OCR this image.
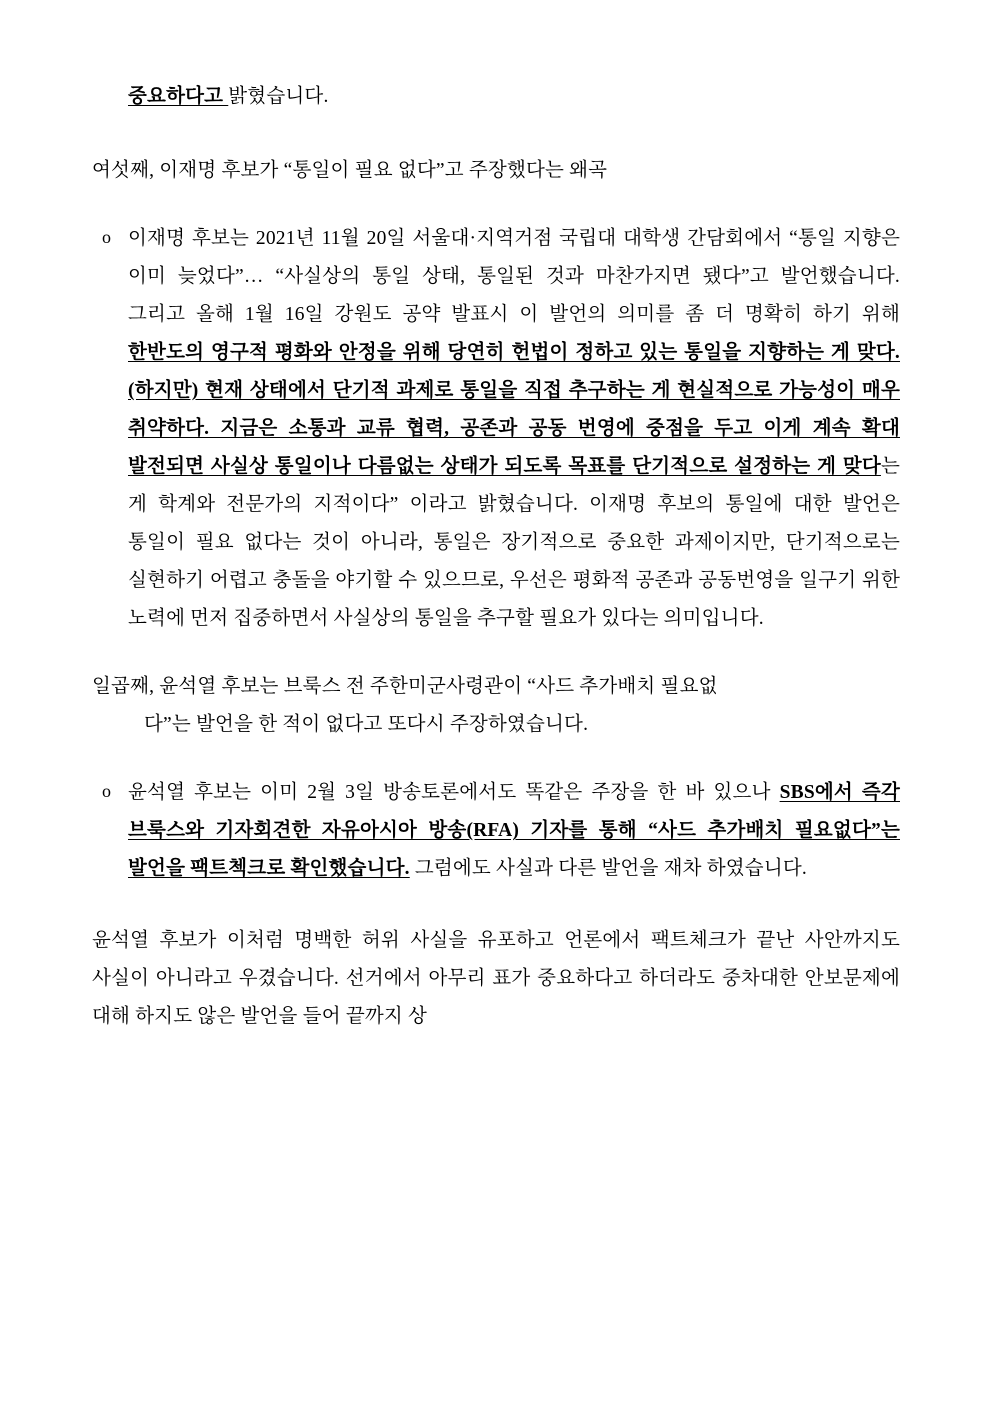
중요하다고 밝혔습니다.

여섯째, 이재명 후보가 “통일이 필요 없다”고 주장했다는 왜곡

o 이재명 후보는 2021년 11월 20일 서울대·지역거점 국립대 대학생 간담회에서 “통일 지향은 이미 늦었다”… “사실상의 통일 상태, 통일된 것과 마찬가지면 됐다”고 발언했습니다. 그리고 올해 1월 16일 강원도 공약 발표시 이 발언의 의미를 좀 더 명확히 하기 위해 한반도의 영구적 평화와 안정을 위해 당연히 헌법이 정하고 있는 통일을 지향하는 게 맞다. (하지만) 현재 상태에서 단기적 과제로 통일을 직접 추구하는 게 현실적으로 가능성이 매우 취약하다. 지금은 소통과 교류 협력, 공존과 공동 번영에 중점을 두고 이게 계속 확대 발전되면 사실상 통일이나 다름없는 상태가 되도록 목표를 단기적으로 설정하는 게 맞다는 게 학계와 전문가의 지적이다” 이라고 밝혔습니다. 이재명 후보의 통일에 대한 발언은 통일이 필요 없다는 것이 아니라, 통일은 장기적으로 중요한 과제이지만, 단기적으로는 실현하기 어렵고 충돌을 야기할 수 있으므로, 우선은 평화적 공존과 공동번영을 일구기 위한 노력에 먼저 집중하면서 사실상의 통일을 추구할 필요가 있다는 의미입니다.

일곱째, 윤석열 후보는 브룩스 전 주한미군사령관이 “사드 추가배치 필요없
다”는 발언을 한 적이 없다고 또다시 주장하였습니다.

o 윤석열 후보는 이미 2월 3일 방송토론에서도 똑같은 주장을 한 바 있으나 SBS에서 즉각 브룩스와 기자회견한 자유아시아 방송(RFA) 기자를 통해 “사드 추가배치 필요없다”는 발언을 팩트첵크로 확인했습니다. 그럼에도 사실과 다른 발언을 재차 하였습니다.

윤석열 후보가 이처럼 명백한 허위 사실을 유포하고 언론에서 팩트체크가 끝난 사안까지도 사실이 아니라고 우겼습니다. 선거에서 아무리 표가 중요하다고 하더라도 중차대한 안보문제에 대해 하지도 않은 발언을 들어 끝까지 상
